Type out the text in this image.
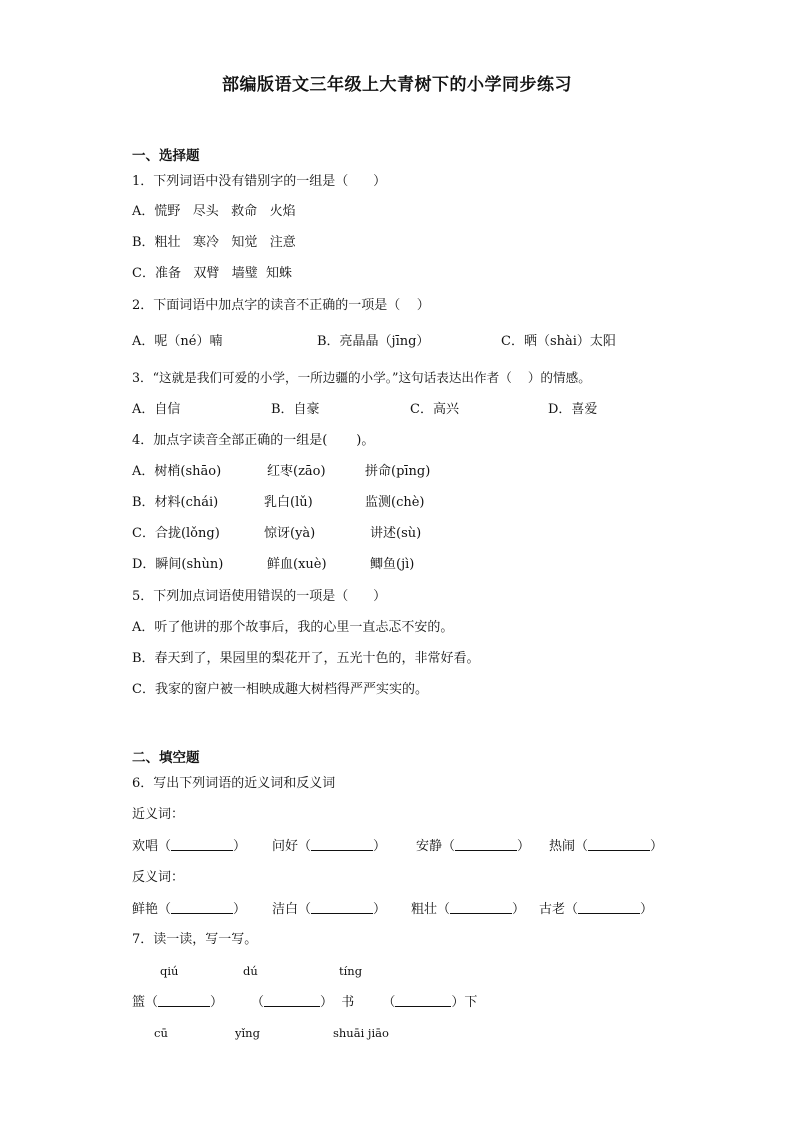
部编版语文三年级上大青树下的小学同步练习
一、选择题
1．下列词语中没有错别字的一组是（      ）
A．慌野   尽头   救命   火焰
B．粗壮   寒冷   知觉   注意
C．准备   双臂   墙璧  知蛛
2．下面词语中加点字的读音不正确的一项是（    ）
A．呢（né）喃	B．亮晶晶（jīng）	C．晒（shài）太阳
3．“这就是我们可爱的小学，一所边疆的小学。”这句话表达出作者（    ）的情感。
A．自信	B．自豪	C．高兴	D．喜爱
4．加点字读音全部正确的一组是(       )。
A．树梢(shāo)	红枣(zāo)	拼命(pīng)
B．材料(chái)	乳白(lǔ)	监测(chè)
C．合拢(lǒng)	惊讶(yà)	讲述(sù)
D．瞬间(shùn)	鲜血(xuè)	鲫鱼(jì)
5．下列加点词语使用错误的一项是（      ）
A．听了他讲的那个故事后，我的心里一直忐忑不安的。
B．春天到了，果园里的梨花开了，五光十色的，非常好看。
C．我家的窗户被一相映成趣大树档得严严实实的。
二、填空题
6．写出下列词语的近义词和反义词
近义词：
欢唱（	） 问好（	） 安静（	） 热闹（	）
反义词：
鲜艳（	） 洁白（	） 粗壮（	） 古老（	）
7．读一读，写一写。
qiú	dú	tíng
篮（	） （	）  书 （	）下
cū	yǐng	shuāi jiāo
